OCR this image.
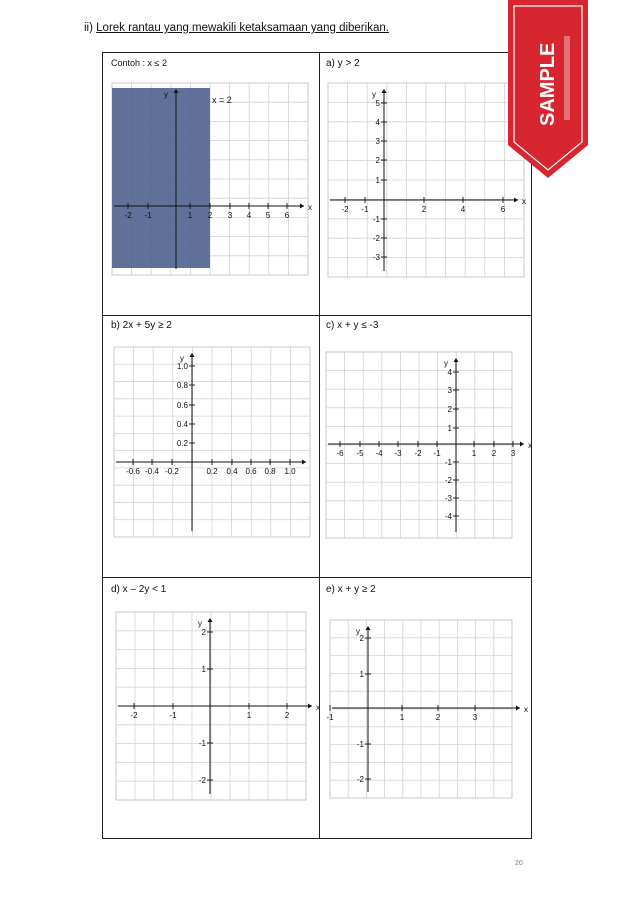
ii) Lorek rantau yang mewakili ketaksamaan yang diberikan.
Contoh : x ≤ 2	a) y > 2
b) 2x + 5y ≥ 2	c) x + y ≤ -3
d) x – 2y < 1	e) x + y ≥ 2
x
y
-2 -1	1 2 3 4 5 6
x = 2
x
y
-2 -1	2	4	6
5
4
3
2
1
-1
-2
-3
y
-0.6 -0.4 -0.2	0.2 0.4 0.6 0.8 1.0
1.0
0.8
0.6
0.4
0.2	x
y
-6 -5 -4 -3 -2 -1	1 2 3
4
3
2
1
-1
-2
-3
-4
x
y
-2	-1	1	2
2
1
-1
-2
x
y
-1	1	2	3
2
1
-1
-2
SAMPLE
20
